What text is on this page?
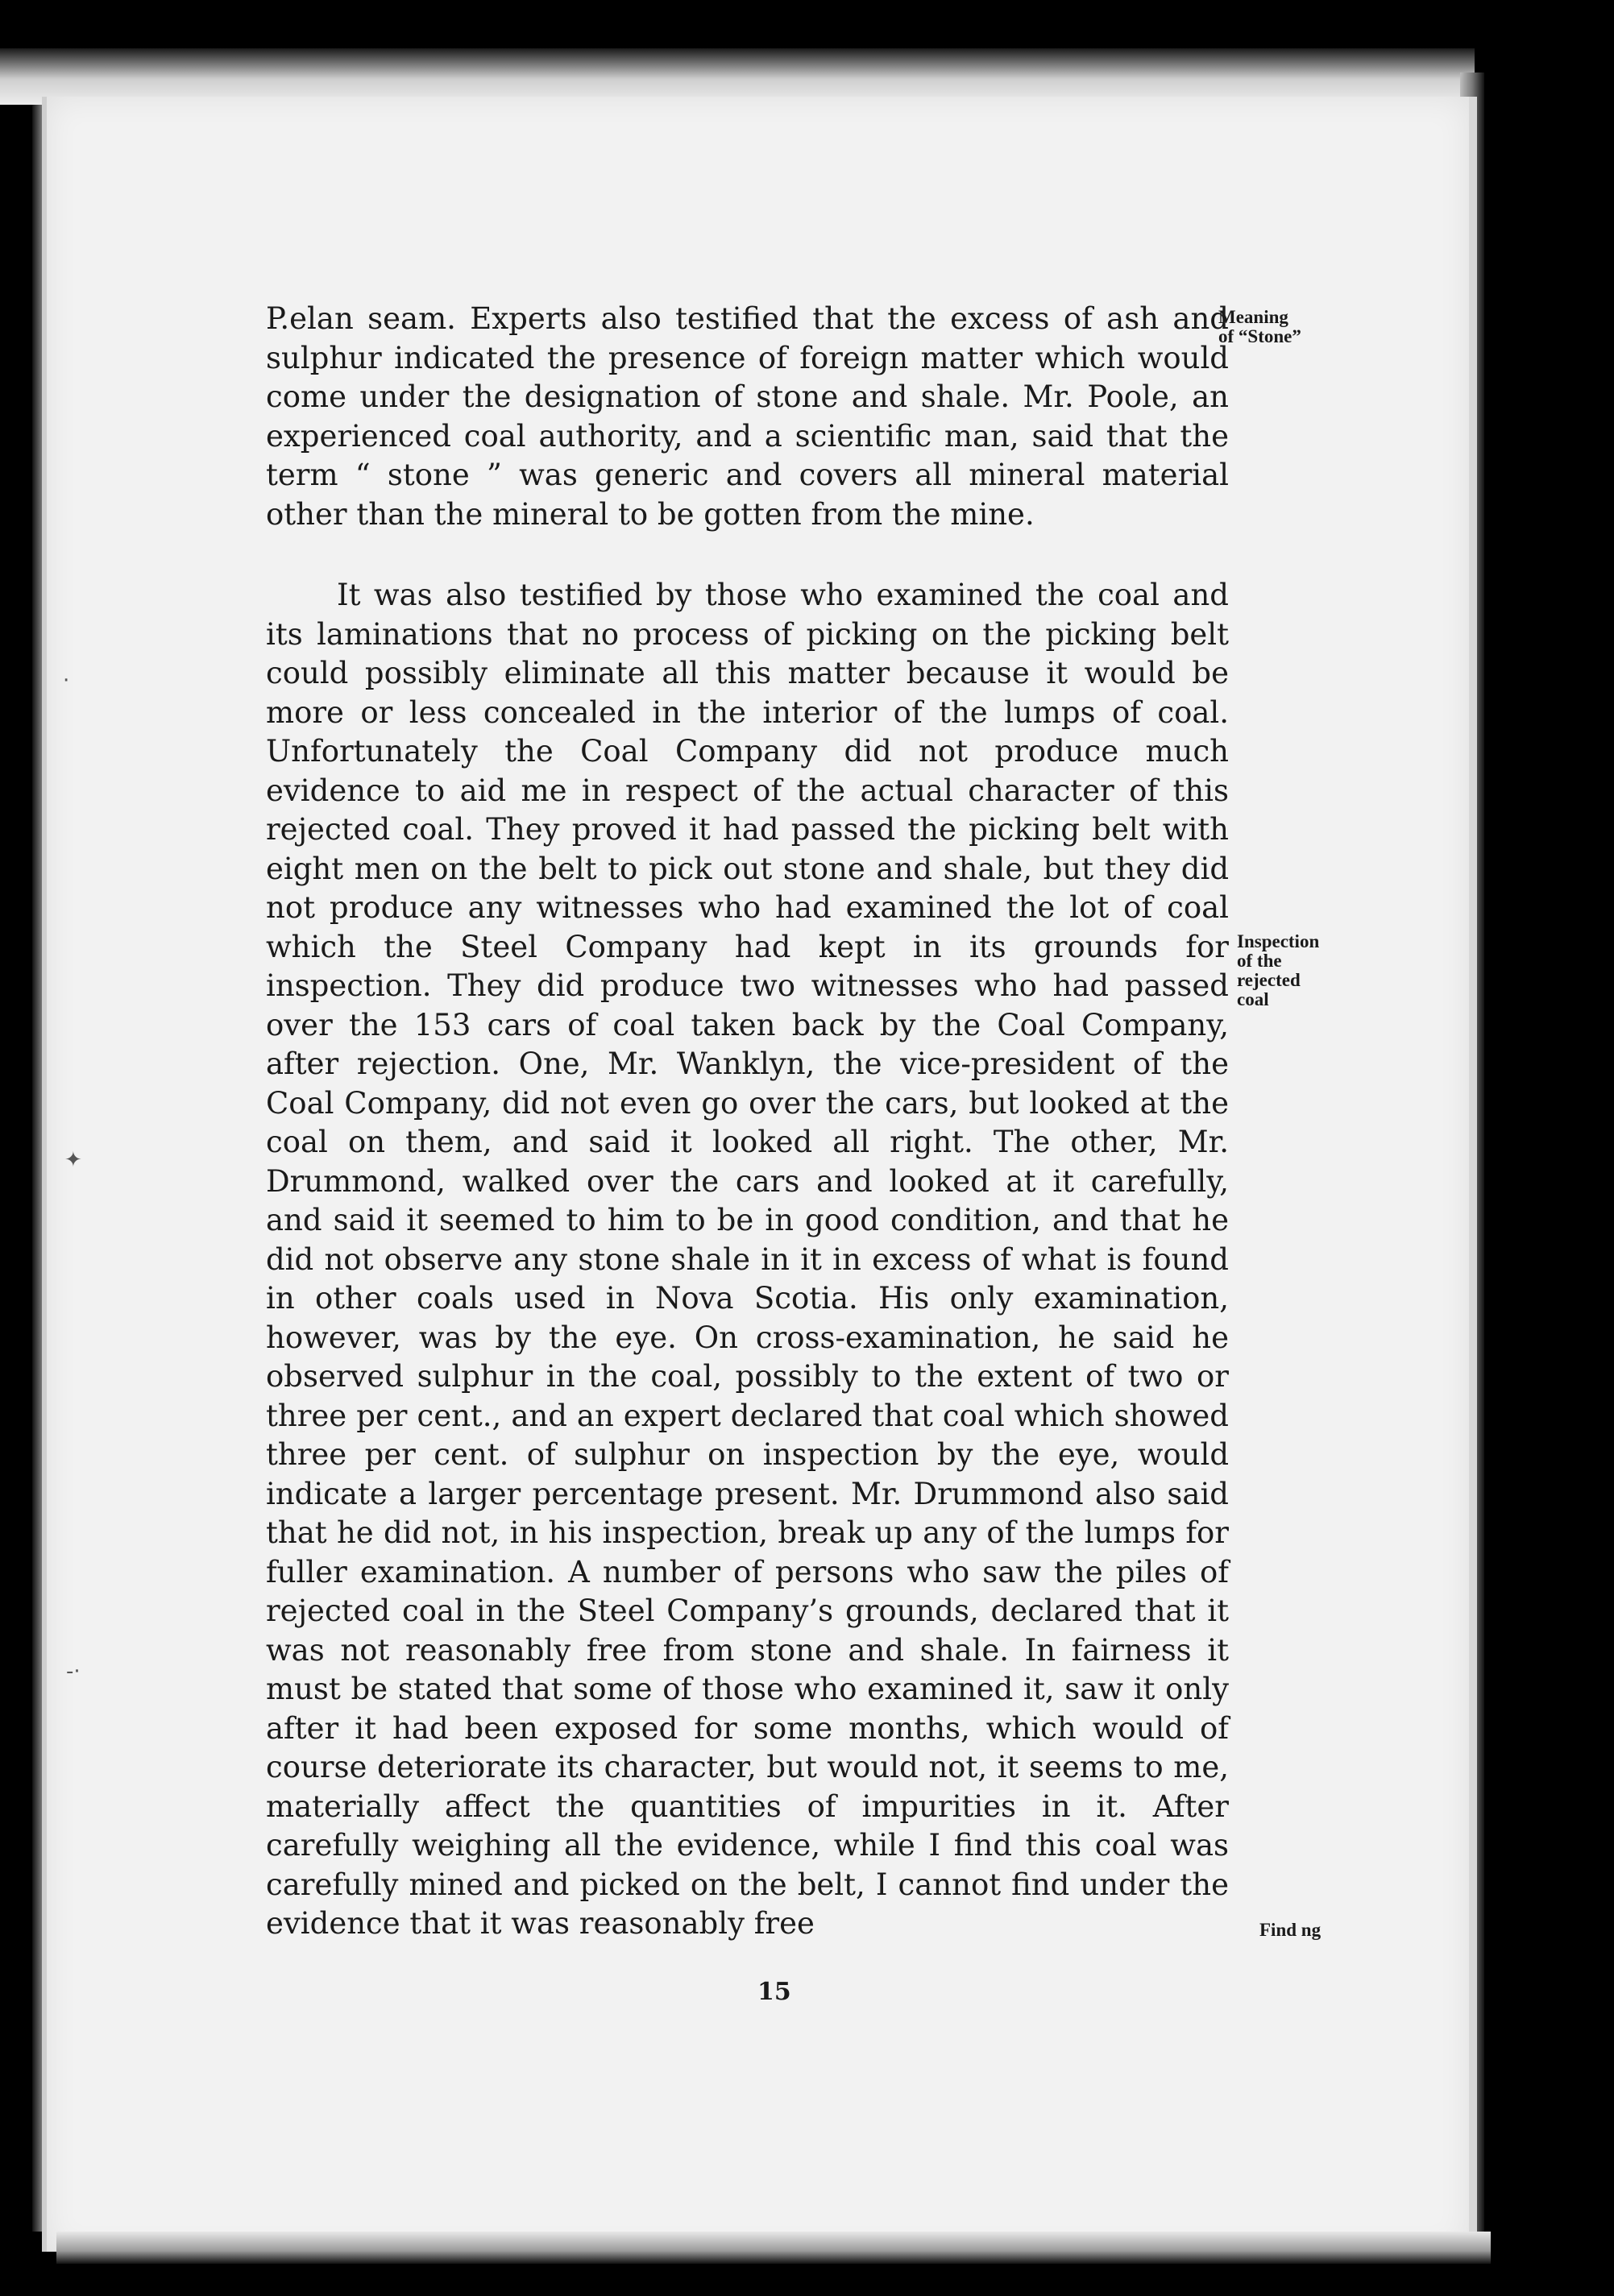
P.elan seam. Experts also testified that the excess of ash and sulphur indicated the presence of foreign matter which would come under the designation of stone and shale. Mr. Poole, an experienced coal authority, and a scientific man, said that the term “ stone ” was generic and covers all mineral material other than the mineral to be gotten from the mine.

It was also testified by those who examined the coal and its laminations that no process of picking on the picking belt could possibly eliminate all this matter because it would be more or less concealed in the interior of the lumps of coal. Unfortunately the Coal Company did not produce much evidence to aid me in respect of the actual character of this rejected coal. They proved it had passed the picking belt with eight men on the belt to pick out stone and shale, but they did not produce any witnesses who had examined the lot of coal which the Steel Company had kept in its grounds for inspection. They did produce two witnesses who had passed over the 153 cars of coal taken back by the Coal Company, after rejection. One, Mr. Wanklyn, the vice-president of the Coal Company, did not even go over the cars, but looked at the coal on them, and said it looked all right. The other, Mr. Drummond, walked over the cars and looked at it carefully, and said it seemed to him to be in good condition, and that he did not observe any stone shale in it in excess of what is found in other coals used in Nova Scotia. His only examination, however, was by the eye. On cross-examination, he said he observed sulphur in the coal, possibly to the extent of two or three per cent., and an expert declared that coal which showed three per cent. of sulphur on inspection by the eye, would indicate a larger percentage present. Mr. Drummond also said that he did not, in his inspection, break up any of the lumps for fuller examination. A number of persons who saw the piles of rejected coal in the Steel Company’s grounds, declared that it was not reasonably free from stone and shale. In fairness it must be stated that some of those who examined it, saw it only after it had been exposed for some months, which would of course deteriorate its character, but would not, it seems to me, materially affect the quantities of impurities in it. After carefully weighing all the evidence, while I find this coal was carefully mined and picked on the belt, I cannot find under the evidence that it was reasonably free

Meaning
of “Stone”
Inspection
of the
rejected
coal
Find ng
15
·
✦
-·
